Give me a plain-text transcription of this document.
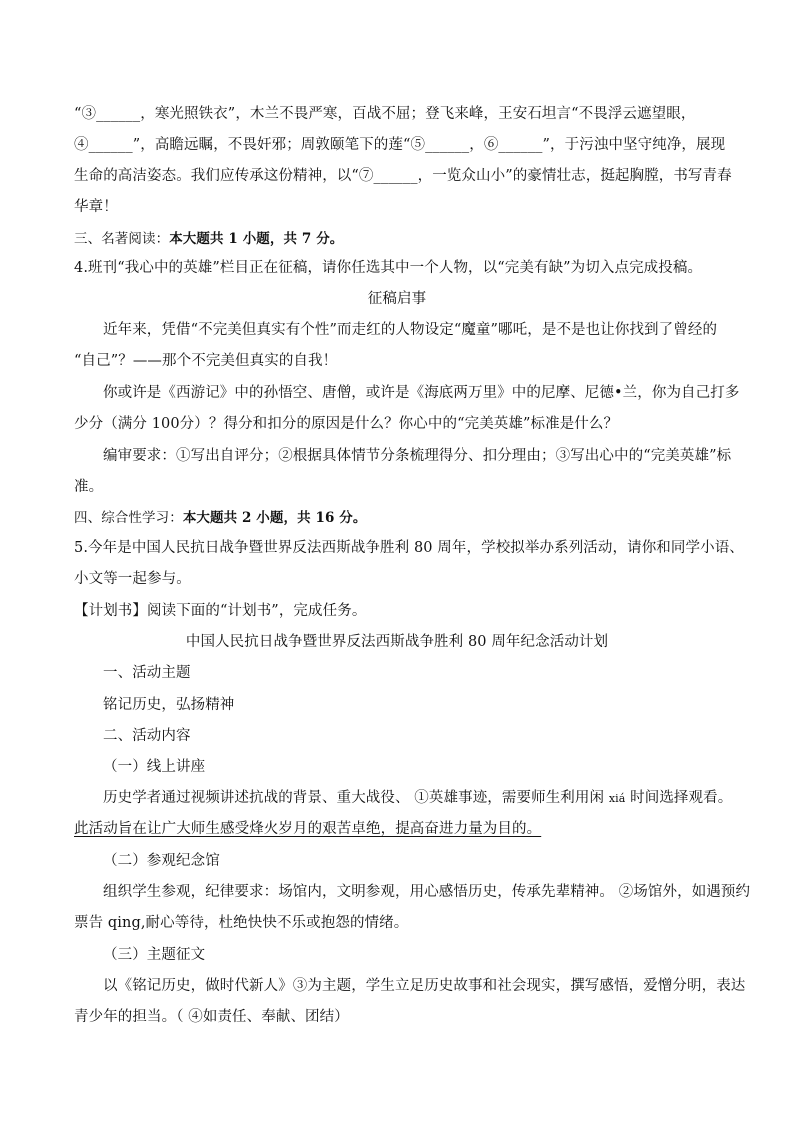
“③______，寒光照铁衣”，木兰不畏严寒，百战不屈；登飞来峰，王安石坦言“不畏浮云遮望眼，
④______”，高瞻远瞩，不畏奸邪；周敦颐笔下的莲“⑤______，⑥______”，于污浊中坚守纯净，展现
生命的高洁姿态。我们应传承这份精神，以“⑦______，一览众山小”的豪情壮志，挺起胸膛，书写青春
华章！
三、名著阅读：本大题共 1 小题，共 7 分。
4.班刊“我心中的英雄”栏目正在征稿，请你任选其中一个人物，以“完美有缺”为切入点完成投稿。
征稿启事
近年来，凭借“不完美但真实有个性”而走红的人物设定“魔童”哪吒，是不是也让你找到了曾经的
“自己”？——那个不完美但真实的自我！
你或许是《西游记》中的孙悟空、唐僧，或许是《海底两万里》中的尼摩、尼德•兰，你为自己打多
少分（满分 100分）？得分和扣分的原因是什么？你心中的“完美英雄”标准是什么？
编审要求：①写出自评分；②根据具体情节分条梳理得分、扣分理由；③写出心中的“完美英雄”标
准。
四、综合性学习：本大题共 2 小题，共 16 分。
5.今年是中国人民抗日战争暨世界反法西斯战争胜利 80 周年，学校拟举办系列活动，请你和同学小语、
小文等一起参与。
【计划书】阅读下面的“计划书”，完成任务。
中国人民抗日战争暨世界反法西斯战争胜利 80 周年纪念活动计划
一、活动主题
铭记历史，弘扬精神
二、活动内容
（一）线上讲座
历史学者通过视频讲述抗战的背景、重大战役、 ①英雄事迹，需要师生利用闲 xiá 时间选择观看。
此活动旨在让广大师生感受烽火岁月的艰苦卓绝，提高奋进力量为目的。
（二）参观纪念馆
组织学生参观，纪律要求：场馆内，文明参观，用心感悟历史，传承先辈精神。 ②场馆外，如遇预约
票告 qing,耐心等待，杜绝快快不乐或抱怨的情绪。
（三）主题征文
以《铭记历史，做时代新人》③为主题，学生立足历史故事和社会现实，撰写感悟，爱憎分明，表达
青少年的担当。（ ④如责任、奉献、团结）
